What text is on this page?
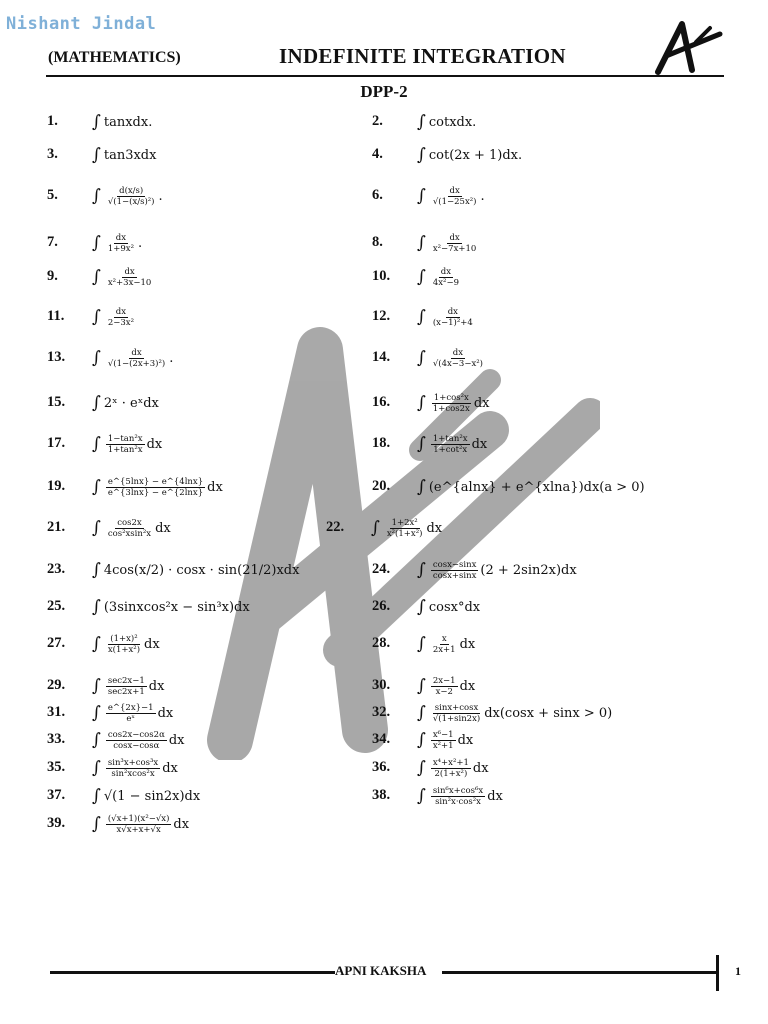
Nishant Jindal
(MATHEMATICS)	INDEFINITE INTEGRATION
DPP-2
1.	∫ tanxdx.	2.	∫ cotxdx.
3.	∫ tan3xdx	4.	∫ cot(2x + 1)dx.
5.	∫ $\frac{d(x/s)}{\text{√(1−(x/s)²)}}$ .	6.	∫ $\frac{dx}{\text{√(1−25x²)}}$ .
7.	∫ $\frac{dx}{\text{1+9x²}}$ .	8.	∫ $\frac{dx}{\text{x²−7x+10}}$
9.	∫ $\frac{dx}{\text{x²+3x−10}}$	10.	∫ $\frac{dx}{\text{4x²−9}}$
11.	∫ $\frac{dx}{\text{2−3x²}}$	12.	∫ $\frac{dx}{\text{(x−1)²+4}}$
13.	∫ $\frac{dx}{\text{√(1−(2x+3)²)}}$ .	14.	∫ $\frac{dx}{\text{√(4x−3−x²)}}$
15.	∫ 2ˣ · eˣdx	16.	∫ $\frac{\text{1+cos²x}}{1+\cos 2x}$ dx
17.	∫ $\frac{\text{1−tan²x}}{\text{1+tan²x}}$ dx	18.	∫ $\frac{\text{1+tan²x}}{\text{1+cot²x}}$ dx
19.	∫ $\frac{e\^{}\{5\ln x\} - e\^{}\{4\ln x\}}{e\^{}\{3\ln x\} - e\^{}\{2\ln x\}}$ dx	20.	∫ (e^{alnx} + e^{xlna})dx(a > 0)
21.	∫ $\frac{\cos 2x}{\text{cos²xsin²x}}$ dx	22.	∫ $\frac{\text{1+2x²}}{\text{x²(1+x²)}}$ dx
23.	∫ 4cos(x/2) · cosx · sin(21/2)xdx	24.	∫ $\frac{\cos x-\sin x}{\cos x+\sin x} (2 + 2\sin 2x)dx$
25.	∫ (3sinxcos²x − sin³x)dx	26.	∫ cosx°dx
27.	∫ $\frac{\text{(1+x)²}}{\text{x(1+x²)}}$ dx	28.	∫ $\frac{x}{2x+1}$ dx
29.	∫ $\frac{\sec 2x-1}{\sec 2x+1}$ dx	30.	∫ $\frac{2x-1}{x-2}$ dx
31.	∫ $\frac{e\^{}\{2x\}-1}{\text{eˣ}}$ dx	32.	∫ $\frac{\sin x+\cos x}{√(1+\sin 2x)} dx(\cos x + \sin x > 0)$
33.	∫ $\frac{\cos 2x-\cos 2\alpha}{\cos x-\cos\alpha}$ dx	34.	∫ $\frac{\text{x⁶−1}}{\text{x²+1}}$ dx
35.	∫ $\frac{\text{sin³x+cos³x}}{\text{sin²xcos²x}}$ dx	36.	∫ $\frac{\text{x⁴+x²+1}}{\text{2(1+x²)}}$ dx
37.	∫ √(1 − sin2x)dx	38.	∫ $\frac{\text{sin⁶x+cos⁶x}}{\text{sin²x·cos²x}}$ dx
39.	∫ $\frac{\text{(√x+1)(x²−√x)}}{x√x+x+√x}$ dx
APNI KAKSHA	1
